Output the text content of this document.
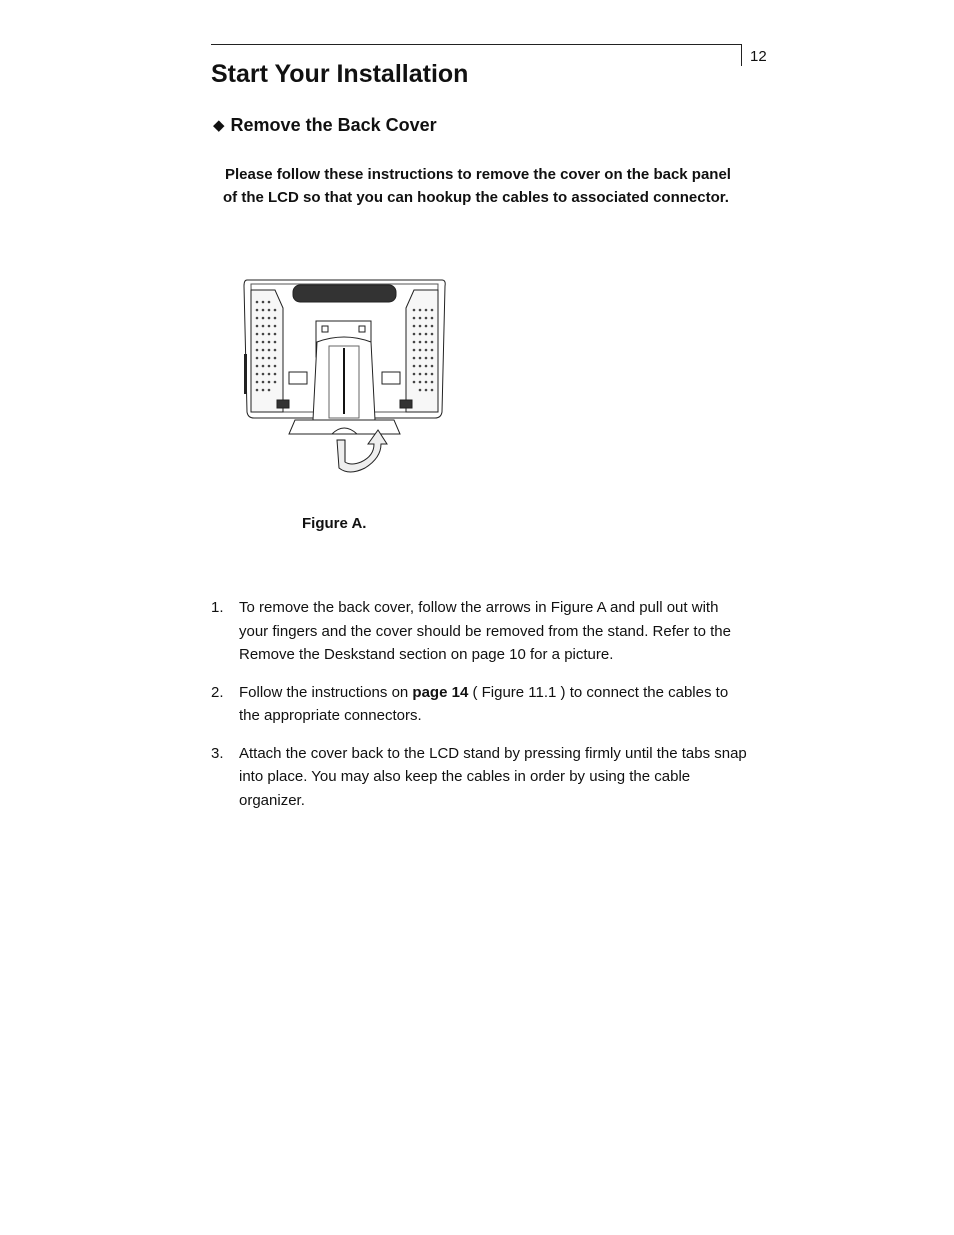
12
Start Your Installation
◆ Remove the Back Cover

Please follow these instructions to remove the cover on the back panel of the LCD so that you can hookup the cables to associated connector.

Figure A.
1. To remove the back cover, follow the arrows in Figure A and pull out with your fingers and the cover should be removed from the stand. Refer to the Remove the Deskstand section on page 10 for a picture.
2. Follow the instructions on page 14 ( Figure 11.1 ) to connect the cables to the appropriate connectors.
3. Attach the cover back to the LCD stand by pressing firmly until the tabs snap into place. You may also keep the cables in order by using the cable organizer.
